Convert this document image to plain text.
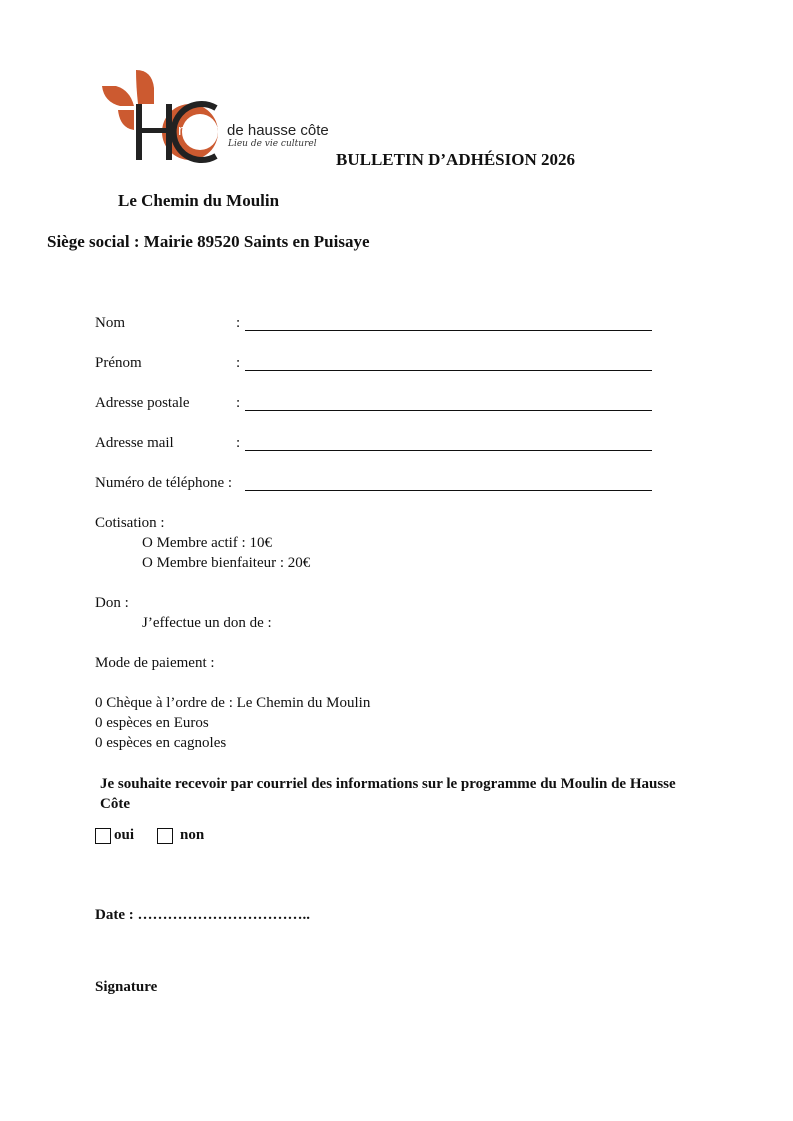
moulin de hausse côte
Lieu de vie culturel
BULLETIN D’ADHÉSION 2026
Le Chemin du Moulin
Siège social : Mairie 89520 Saints en Puisaye
Nom	:
Prénom	:
Adresse postale	:
Adresse mail	:
Numéro de téléphone :
Cotisation :
O Membre actif : 10€
O Membre bienfaiteur : 20€
Don :
J’effectue un don de :
Mode de paiement :
0 Chèque à l’ordre de : Le Chemin du Moulin
0 espèces en Euros
0 espèces en cagnoles
Je souhaite recevoir par courriel des informations sur le programme du Moulin de Hausse Côte
oui	non
Date : ……………………………..
Signature
